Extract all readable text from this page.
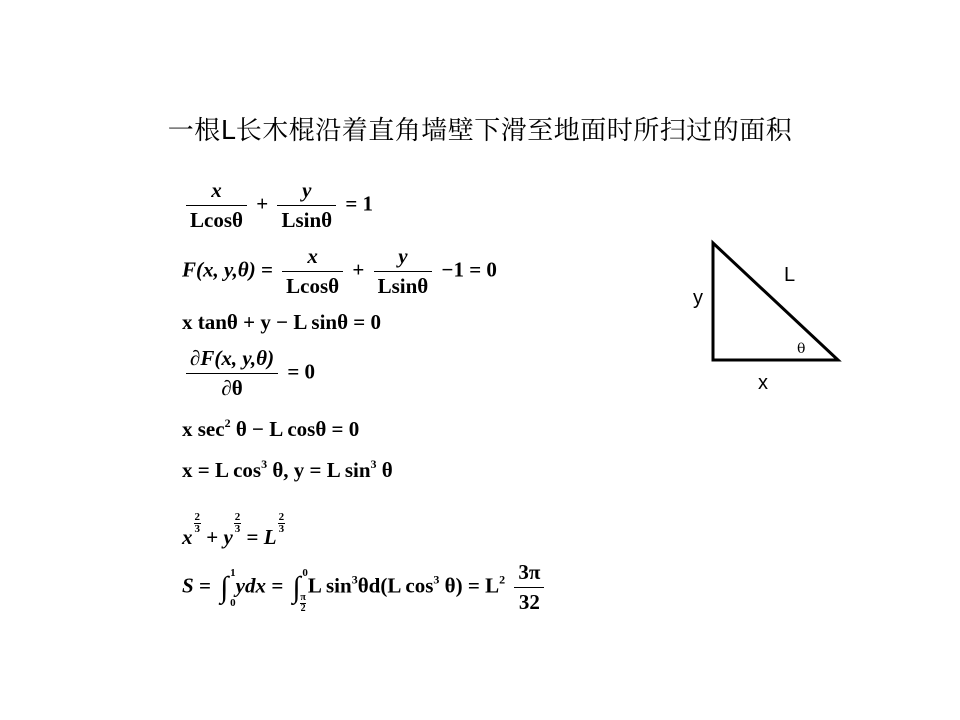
一根L长木棍沿着直角墙壁下滑至地面时所扫过的面积
$\frac{x}{Lcos\theta} + \frac{y}{Lsin\theta} = 1$
F(x, $y,\theta) = \frac{x}{Lcos\theta} + \frac{y}{Lsin\theta} -1 = 0$
x tanθ + y − L sinθ = 0
$\frac{\partial F(x, y,\theta)}{\partial\theta} = 0$
x $\sec^2 \theta - L$ cosθ = 0
x = L $\cos^3 \theta$, y = L $\sin^3 \theta$
x
$\frac{2}{3}$
+ y
$\frac{2}{3}$
= L
$\frac{2}{3}$
S = ∫ 1
0
ydx = ∫ 0
$\frac{\pi}{2}$
L $\sin^3\theta d(L$ $\cos^3 \theta) = L^2 \frac{3\pi}{32}$
y
L
x
θ
